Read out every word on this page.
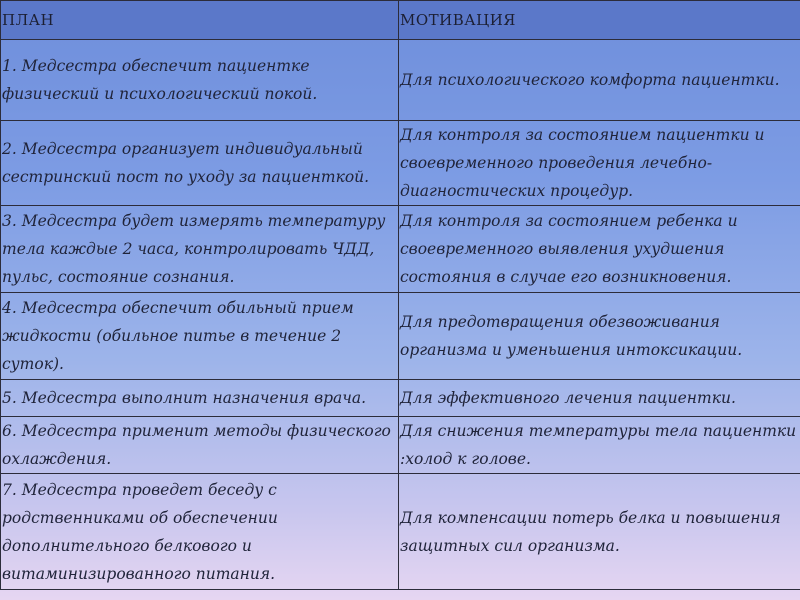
ПЛАН	МОТИВАЦИЯ
1. Медсестра обеспечит пациентке физический и психологический покой.	Для психологического комфорта пациентки.
2. Медсестра организует индивидуальный сестринский пост по уходу за пациенткой.	Для контроля за состоянием пациентки и своевременного проведения лечебно-диагностических процедур.
3. Медсестра будет измерять температуру тела каждые 2 часа, контролировать ЧДД, пульс, состояние сознания.	Для контроля за состоянием ребенка и своевременного выявления ухудшения состояния в случае его возникновения.
4. Медсестра обеспечит обильный прием жидкости (обильное питье в течение 2 суток).	Для предотвращения обезвоживания организма и уменьшения интоксикации.
5. Медсестра выполнит назначения врача.	Для эффективного лечения пациентки.
6. Медсестра применит методы физического охлаждения.	Для снижения температуры тела пациентки :холод к голове.
7. Медсестра проведет беседу с родственниками об обеспечении дополнительного белкового и витаминизированного питания.	Для компенсации потерь белка и повышения защитных сил организма.
